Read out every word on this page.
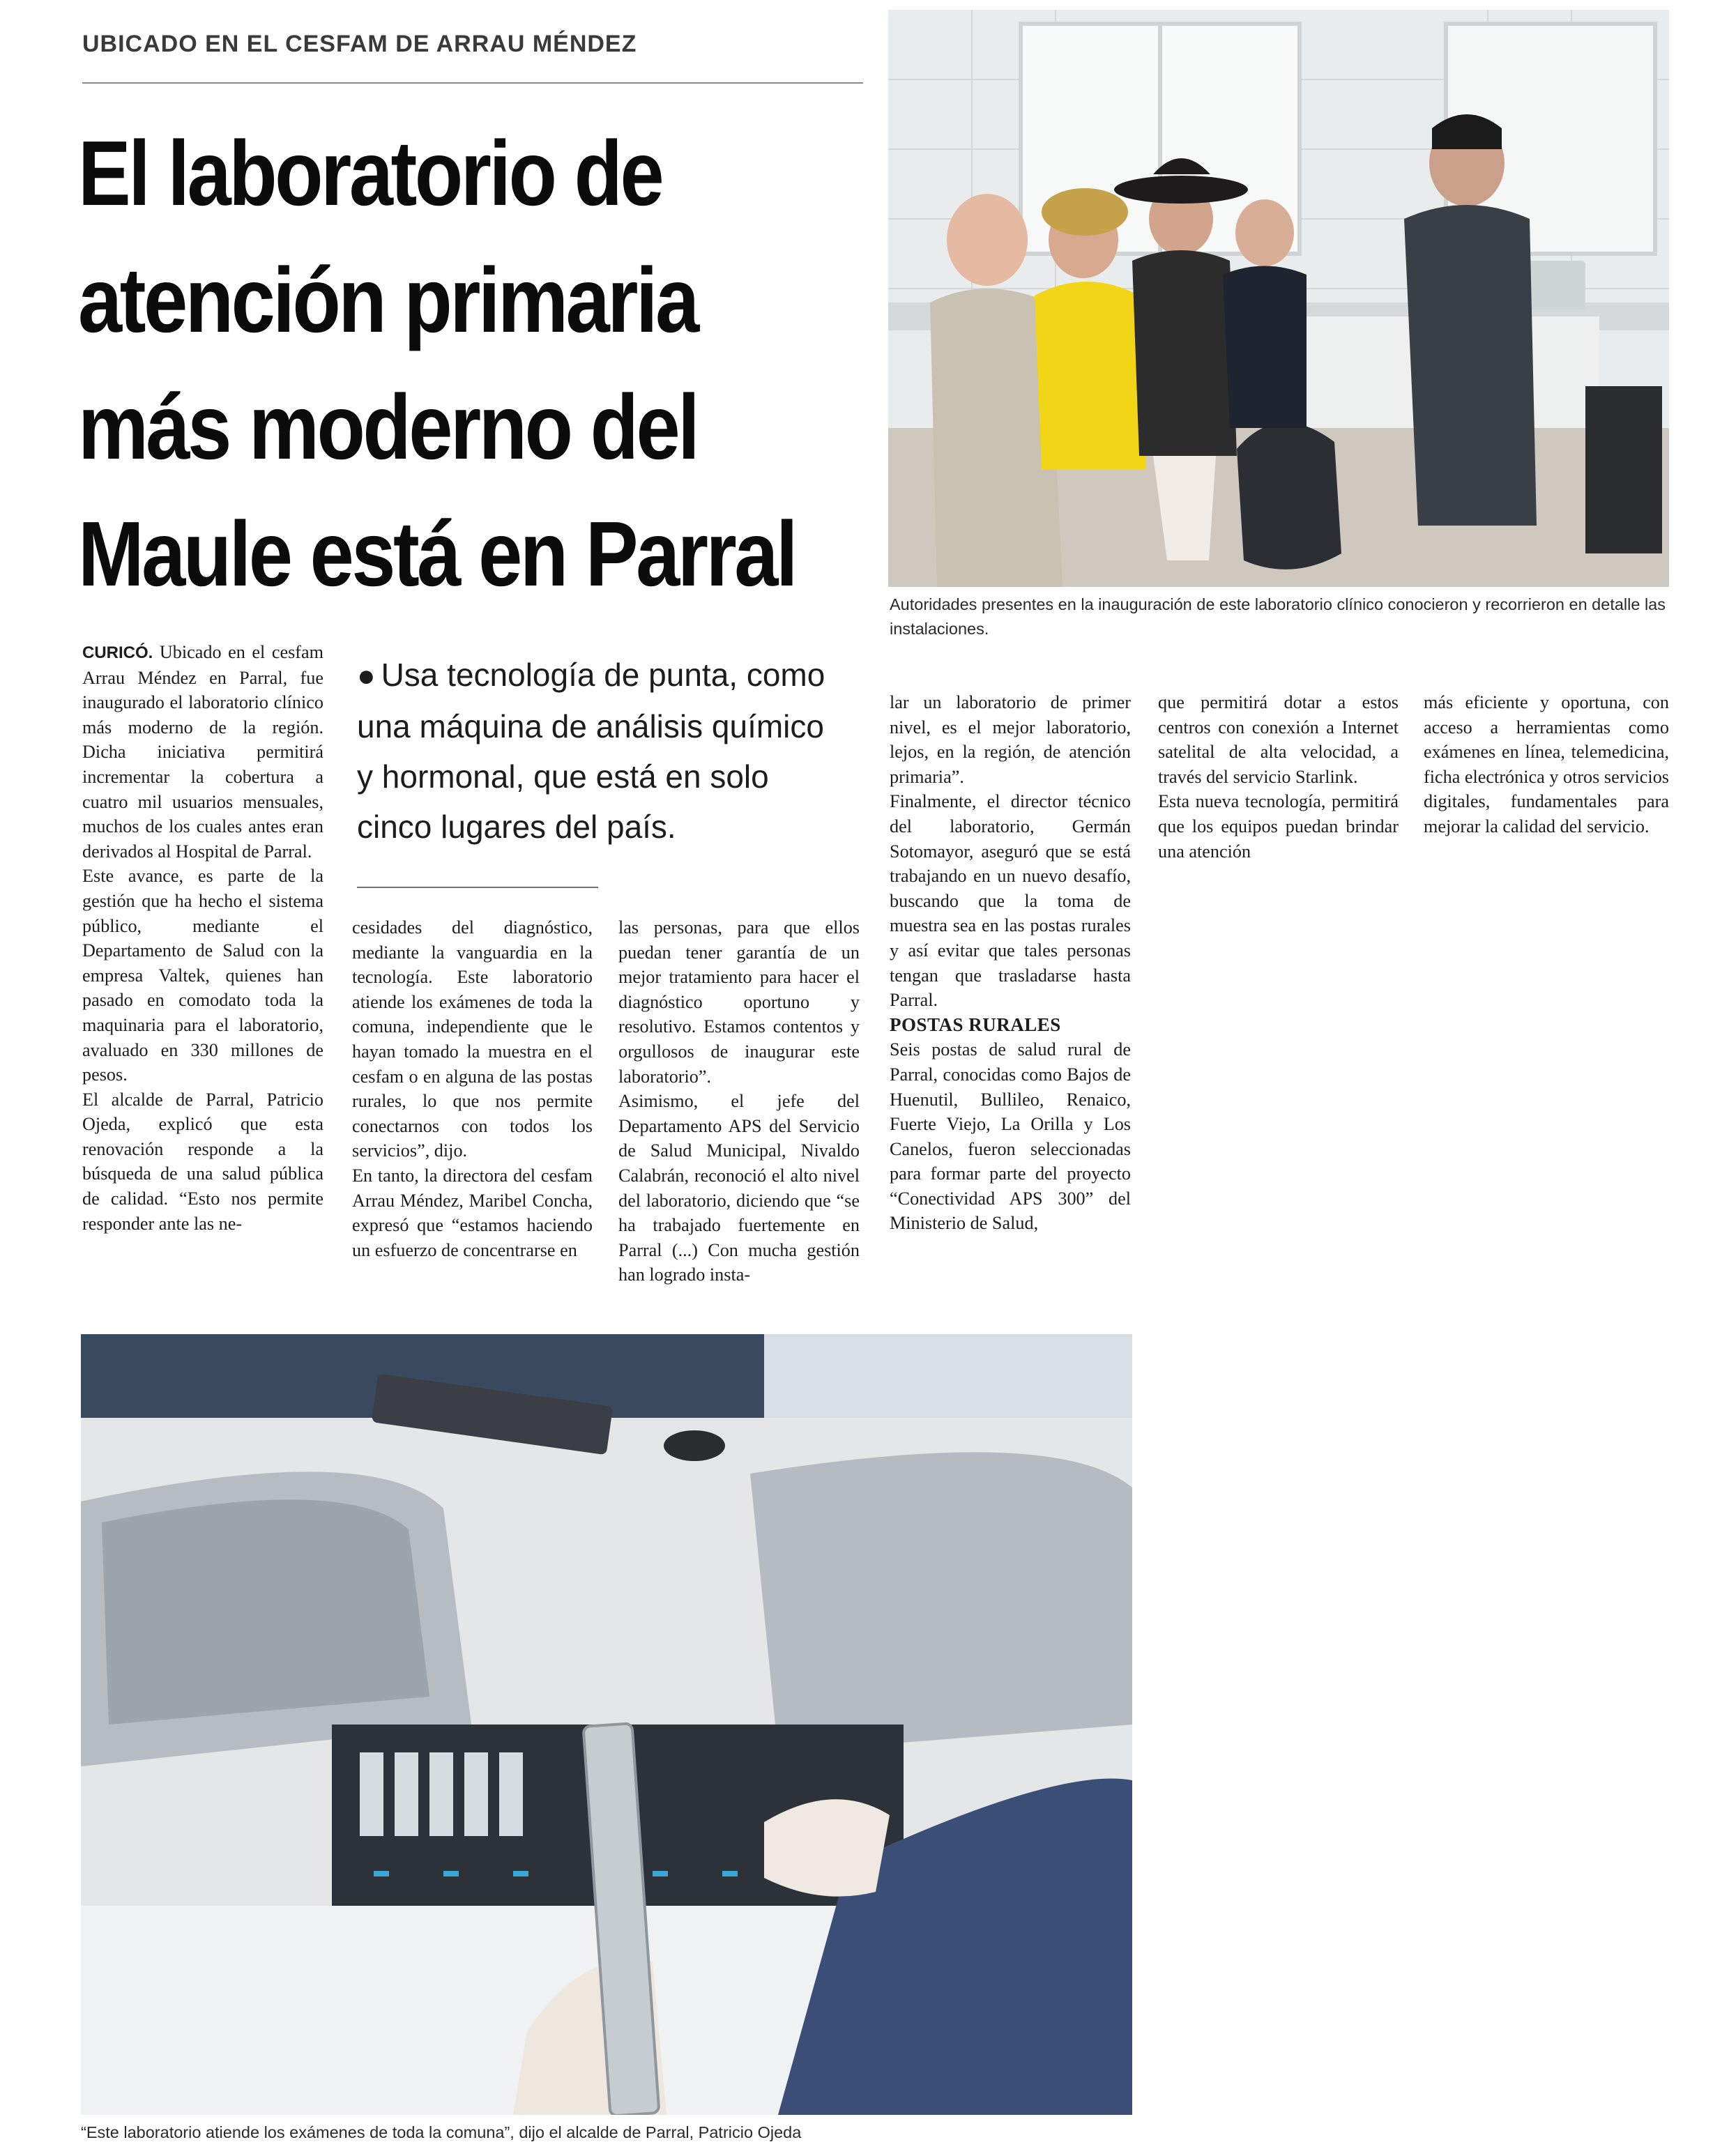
UBICADO EN EL CESFAM DE ARRAU MÉNDEZ
El laboratorio de
atención primaria
más moderno del
Maule está en Parral	Autoridades presentes en la inauguración de este laboratorio clínico conocieron y recorrieron en detalle las instalaciones.

CURICÓ. Ubicado en el cesfam Arrau Méndez en Parral, fue inaugurado el laboratorio clínico más moderno de la región. Dicha iniciativa permitirá incrementar la cobertura a cuatro mil usuarios mensuales, muchos de los cuales antes eran derivados al Hospital de Parral.

Este avance, es parte de la gestión que ha hecho el sistema público, mediante el Departamento de Salud con la empresa Valtek, quienes han pasado en comodato toda la maquinaria para el laboratorio, avaluado en 330 millones de pesos.

El alcalde de Parral, Patricio Ojeda, explicó que esta renovación responde a la búsqueda de una salud pública de calidad. “Esto nos permite responder ante las ne-

● Usa tecnología de punta, como una máquina de análisis químico y hormonal, que está en solo cinco lugares del país.

cesidades del diagnóstico, mediante la vanguardia en la tecnología. Este laboratorio atiende los exámenes de toda la comuna, independiente que le hayan tomado la muestra en el cesfam o en alguna de las postas rurales, lo que nos permite conectarnos con todos los servicios”, dijo.

En tanto, la directora del cesfam Arrau Méndez, Maribel Concha, expresó que “estamos haciendo un esfuerzo de concentrarse en

las personas, para que ellos puedan tener garantía de un mejor tratamiento para hacer el diagnóstico oportuno y resolutivo. Estamos contentos y orgullosos de inaugurar este laboratorio”.

Asimismo, el jefe del Departamento APS del Servicio de Salud Municipal, Nivaldo Calabrán, reconoció el alto nivel del laboratorio, diciendo que “se ha trabajado fuertemente en Parral (...) Con mucha gestión han logrado insta-

lar un laboratorio de primer nivel, es el mejor laboratorio, lejos, en la región, de atención primaria”.

Finalmente, el director técnico del laboratorio, Germán Sotomayor, aseguró que se está trabajando en un nuevo desafío, buscando que la toma de muestra sea en las postas rurales y así evitar que tales personas tengan que trasladarse hasta Parral.

POSTAS RURALES

Seis postas de salud rural de Parral, conocidas como Bajos de Huenutil, Bullileo, Renaico, Fuerte Viejo, La Orilla y Los Canelos, fueron seleccionadas para formar parte del proyecto “Conectividad APS 300” del Ministerio de Salud,

que permitirá dotar a estos centros con conexión a Internet satelital de alta velocidad, a través del servicio Starlink.

Esta nueva tecnología, permitirá que los equipos puedan brindar una atención

más eficiente y oportuna, con acceso a herramientas como exámenes en línea, telemedicina, ficha electrónica y otros servicios digitales, fundamentales para mejorar la calidad del servicio.

“Este laboratorio atiende los exámenes de toda la comuna”, dijo el alcalde de Parral, Patricio Ojeda
